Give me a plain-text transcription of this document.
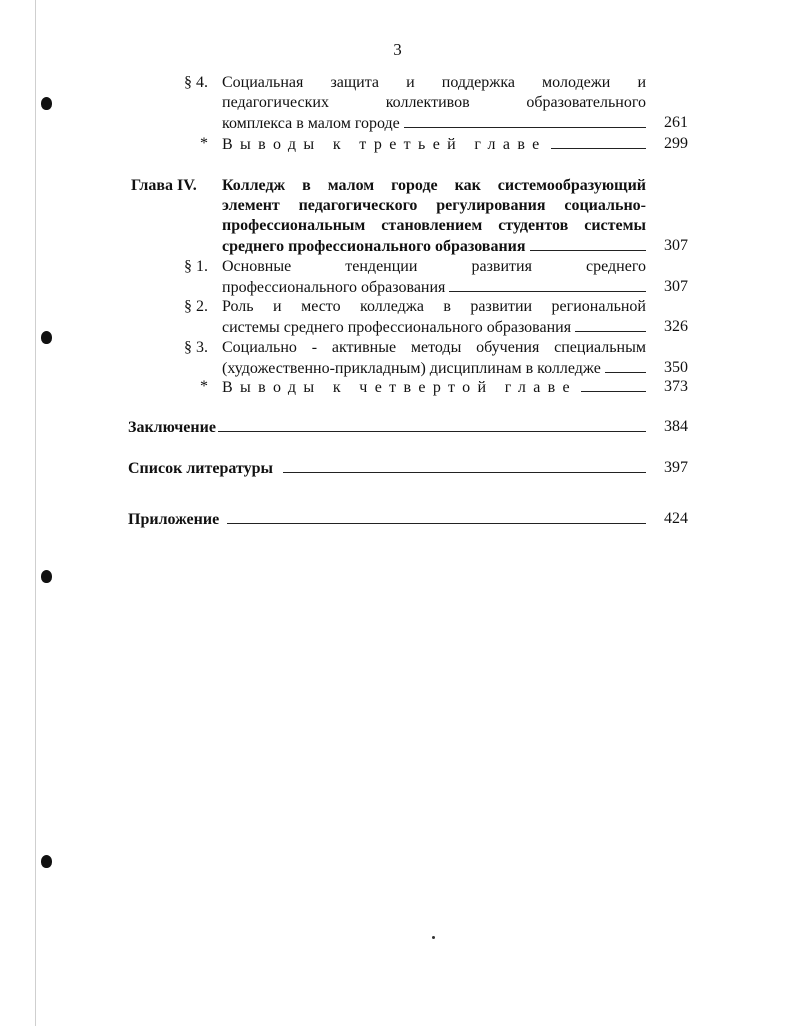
3
§ 4. Социальная защита и поддержка молодежи и
педагогических коллективов образовательного
комплекса в малом городе	261
* Выводы к третьей главе	299
Глава IV. Колледж в малом городе как системообразующий
элемент педагогического регулирования социально-
профессиональным становлением студентов системы
среднего профессионального образования	307
§ 1. Основные тенденции развития среднего
профессионального образования	307
§ 2. Роль и место колледжа в развитии региональной
системы среднего профессионального образования	326
§ 3. Социально - активные методы обучения специальным
(художественно-прикладным) дисциплинам в колледже	350
* Выводы к четвертой главе	373
Заключение	384
Список литературы	397
Приложение	424
